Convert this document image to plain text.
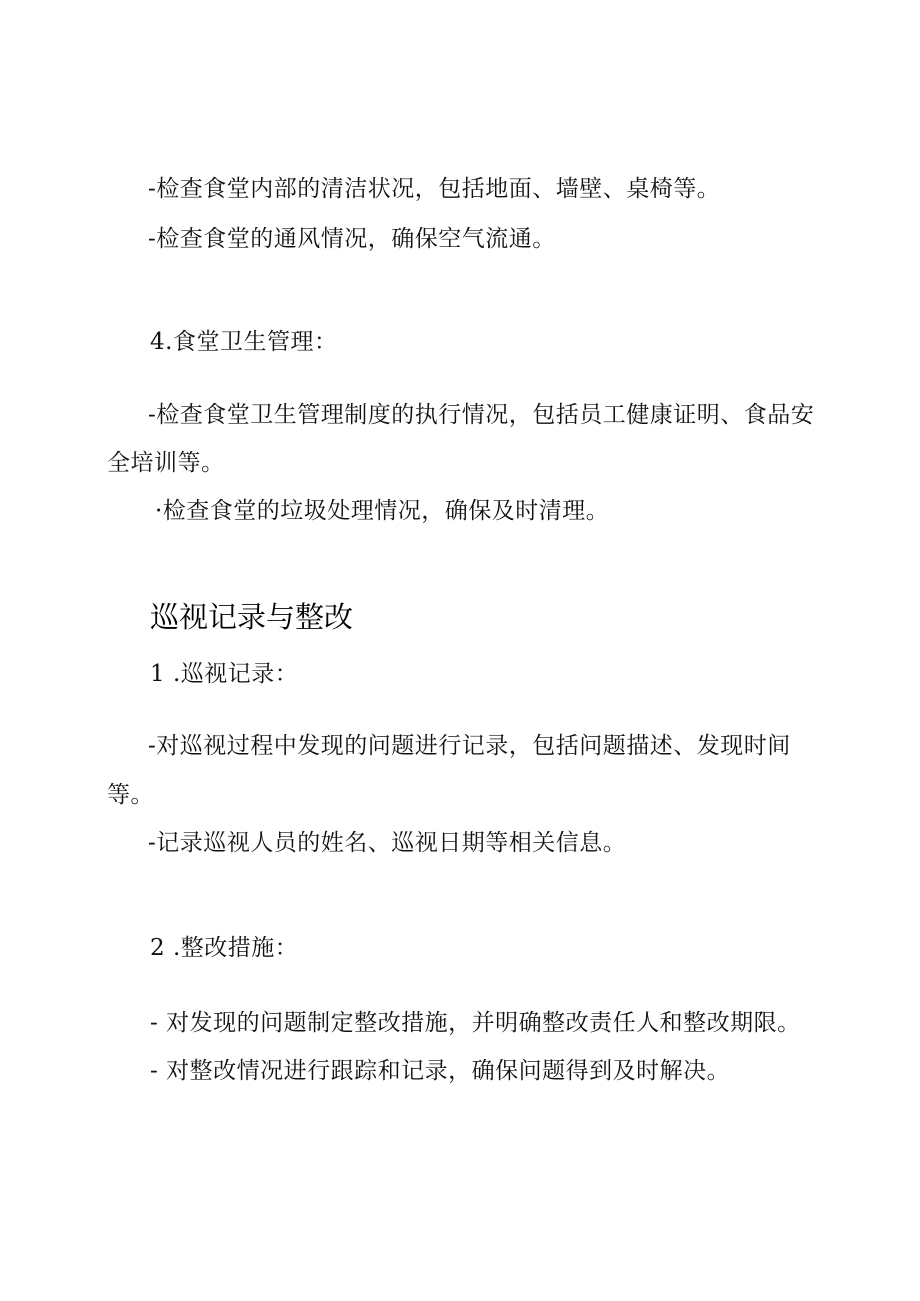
-检查食堂内部的清洁状况，包括地面、墙壁、桌椅等。
-检查食堂的通风情况，确保空气流通。
4.食堂卫生管理：
-检查食堂卫生管理制度的执行情况，包括员工健康证明、食品安
全培训等。
·检查食堂的垃圾处理情况，确保及时清理。
巡视记录与整改
1 .巡视记录：
-对巡视过程中发现的问题进行记录，包括问题描述、发现时间
等。
-记录巡视人员的姓名、巡视日期等相关信息。
2 .整改措施：
- 对发现的问题制定整改措施，并明确整改责任人和整改期限。
- 对整改情况进行跟踪和记录，确保问题得到及时解决。
